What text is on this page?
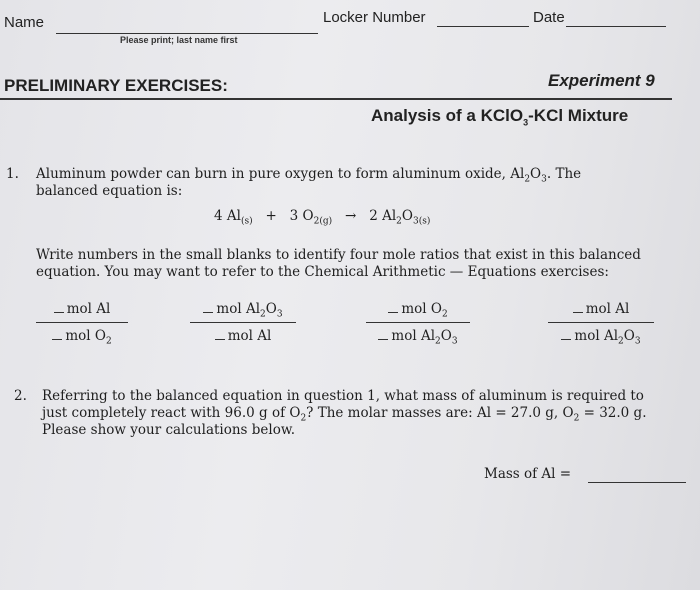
Name
Please print; last name first
Locker Number	Date
PRELIMINARY EXERCISES:	Experiment 9
Analysis of a KClO$_3$-KCl Mixture
1. Aluminum powder can burn in pure oxygen to form aluminum oxide, $Al_2O_3$. The
balanced equation is:
4 $Al_{(s)} + 3$ $O_{2(g)} \to 2$ $Al_2O_{3(s)}$
Write numbers in the small blanks to identify four mole ratios that exist in this balanced
equation. You may want to refer to the Chemical Arithmetic — Equations exercises:
mol Al
mol $O_2$
mol $Al_2O_3$
mol Al
mol $O_2$
mol $Al_2O_3$
mol Al
mol $Al_2O_3$
2. Referring to the balanced equation in question 1, what mass of aluminum is required to
just completely react with 96.0 g of $O_2$? The molar masses are: Al = 27.0 g, $O_2 = 32.0$ g.
Please show your calculations below.
Mass of Al =
